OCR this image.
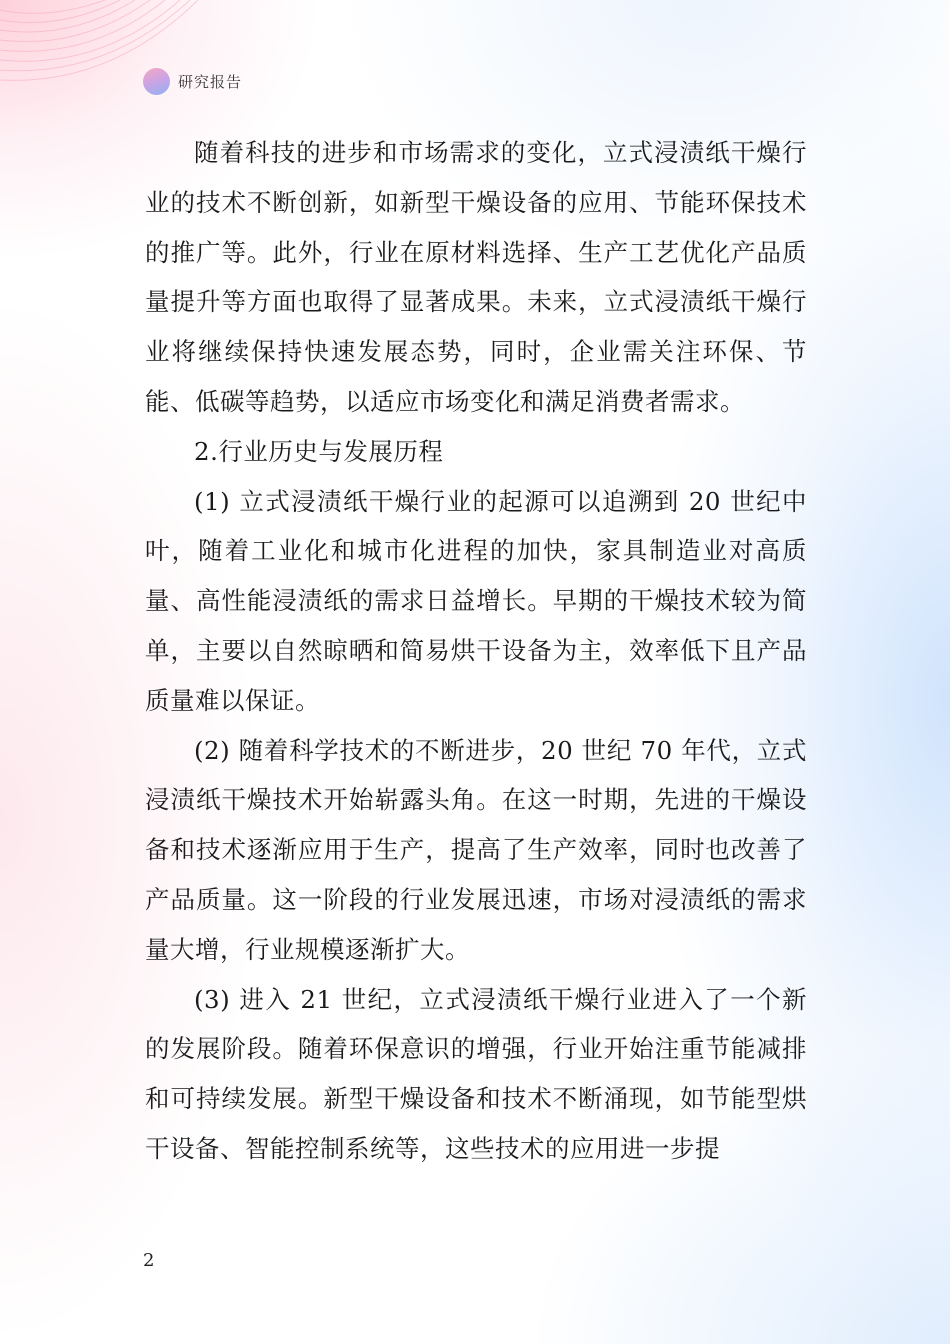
研究报告

随着科技的进步和市场需求的变化，立式浸渍纸干燥行业的技术不断创新，如新型干燥设备的应用、节能环保技术的推广等。此外，行业在原材料选择、生产工艺优化产品质量提升等方面也取得了显著成果。未来，立式浸渍纸干燥行业将继续保持快速发展态势，同时，企业需关注环保、节能、低碳等趋势，以适应市场变化和满足消费者需求。

2.行业历史与发展历程

(1) 立式浸渍纸干燥行业的起源可以追溯到 20 世纪中叶，随着工业化和城市化进程的加快，家具制造业对高质量、高性能浸渍纸的需求日益增长。早期的干燥技术较为简单，主要以自然晾晒和简易烘干设备为主，效率低下且产品质量难以保证。

(2) 随着科学技术的不断进步，20 世纪 70 年代，立式浸渍纸干燥技术开始崭露头角。在这一时期，先进的干燥设备和技术逐渐应用于生产，提高了生产效率，同时也改善了产品质量。这一阶段的行业发展迅速，市场对浸渍纸的需求量大增，行业规模逐渐扩大。

(3) 进入 21 世纪，立式浸渍纸干燥行业进入了一个新的发展阶段。随着环保意识的增强，行业开始注重节能减排和可持续发展。新型干燥设备和技术不断涌现，如节能型烘干设备、智能控制系统等，这些技术的应用进一步提

2
